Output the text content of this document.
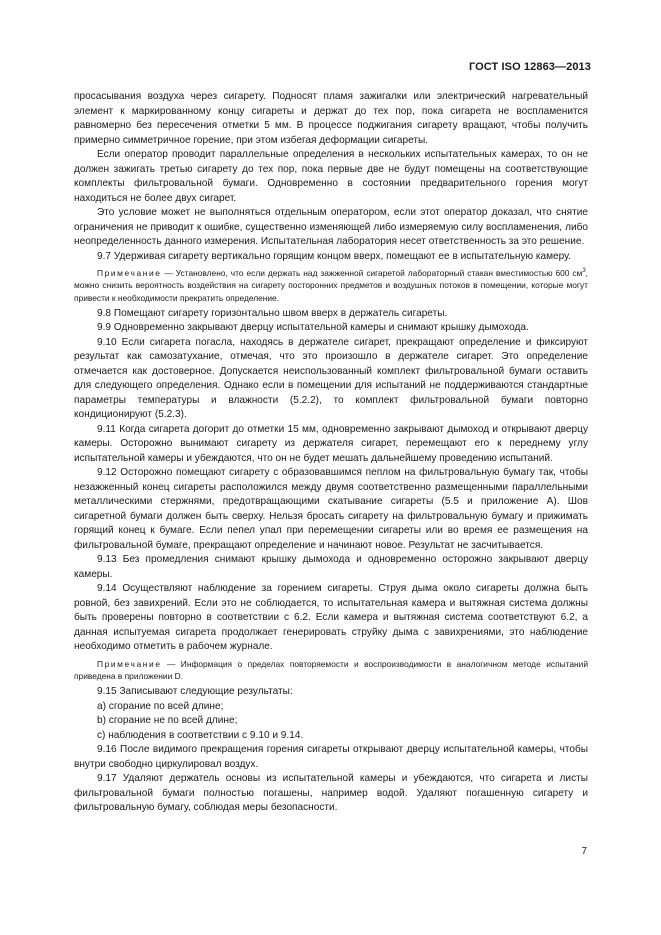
ГОСТ ISO 12863—2013

просасывания воздуха через сигарету. Подносят пламя зажигалки или электрический нагревательный элемент к маркированному концу сигареты и держат до тех пор, пока сигарета не воспламенится равномерно без пересечения отметки 5 мм. В процессе поджигания сигарету вращают, чтобы получить примерно симметричное горение, при этом избегая деформации сигареты.

Если оператор проводит параллельные определения в нескольких испытательных камерах, то он не должен зажигать третью сигарету до тех пор, пока первые две не будут помещены на соответствующие комплекты фильтровальной бумаги. Одновременно в состоянии предварительного горения могут находиться не более двух сигарет.

Это условие может не выполняться отдельным оператором, если этот оператор доказал, что снятие ограничения не приводит к ошибке, существенно изменяющей либо измеряемую силу воспламенения, либо неопределенность данного измерения. Испытательная лаборатория несет ответственность за это решение.

9.7 Удерживая сигарету вертикально горящим концом вверх, помещают ее в испытательную камеру.

Примечание — Установлено, что если держать над зажженной сигаретой лабораторный стакан вместимостью 600 $см^3$, можно снизить вероятность воздействия на сигарету посторонних предметов и воздушных потоков в помещении, которые могут привести к необходимости прекратить определение.

9.8 Помещают сигарету горизонтально швом вверх в держатель сигареты.

9.9 Одновременно закрывают дверцу испытательной камеры и снимают крышку дымохода.

9.10 Если сигарета погасла, находясь в держателе сигарет, прекращают определение и фиксируют результат как самозатухание, отмечая, что это произошло в держателе сигарет. Это определение отмечается как достоверное. Допускается неиспользованный комплект фильтровальной бумаги оставить для следующего определения. Однако если в помещении для испытаний не поддерживаются стандартные параметры температуры и влажности (5.2.2), то комплект фильтровальной бумаги повторно кондиционируют (5.2.3).

9.11 Когда сигарета догорит до отметки 15 мм, одновременно закрывают дымоход и открывают дверцу камеры. Осторожно вынимают сигарету из держателя сигарет, перемещают его к переднему углу испытательной камеры и убеждаются, что он не будет мешать дальнейшему проведению испытаний.

9.12 Осторожно помещают сигарету с образовавшимся пеплом на фильтровальную бумагу так, чтобы незажженный конец сигареты расположился между двумя соответственно размещенными параллельными металлическими стержнями, предотвращающими скатывание сигареты (5.5 и приложение А). Шов сигаретной бумаги должен быть сверху. Нельзя бросать сигарету на фильтровальную бумагу и прижимать горящий конец к бумаге. Если пепел упал при перемещении сигареты или во время ее размещения на фильтровальной бумаге, прекращают определение и начинают новое. Результат не засчитывается.

9.13 Без промедления снимают крышку дымохода и одновременно осторожно закрывают дверцу камеры.

9.14 Осуществляют наблюдение за горением сигареты. Струя дыма около сигареты должна быть ровной, без завихрений. Если это не соблюдается, то испытательная камера и вытяжная система должны быть проверены повторно в соответствии с 6.2. Если камера и вытяжная система соответствуют 6.2, а данная испытуемая сигарета продолжает генерировать струйку дыма с завихрениями, это наблюдение необходимо отметить в рабочем журнале.

Примечание — Информация о пределах повторяемости и воспроизводимости в аналогичном методе испытаний приведена в приложении D.

9.15 Записывают следующие результаты:

a) сгорание по всей длине;

b) сгорание не по всей длине;

c) наблюдения в соответствии с 9.10 и 9.14.

9.16 После видимого прекращения горения сигареты открывают дверцу испытательной камеры, чтобы внутри свободно циркулировал воздух.

9.17 Удаляют держатель основы из испытательной камеры и убеждаются, что сигарета и листы фильтровальной бумаги полностью погашены, например водой. Удаляют погашенную сигарету и фильтровальную бумагу, соблюдая меры безопасности.

7
